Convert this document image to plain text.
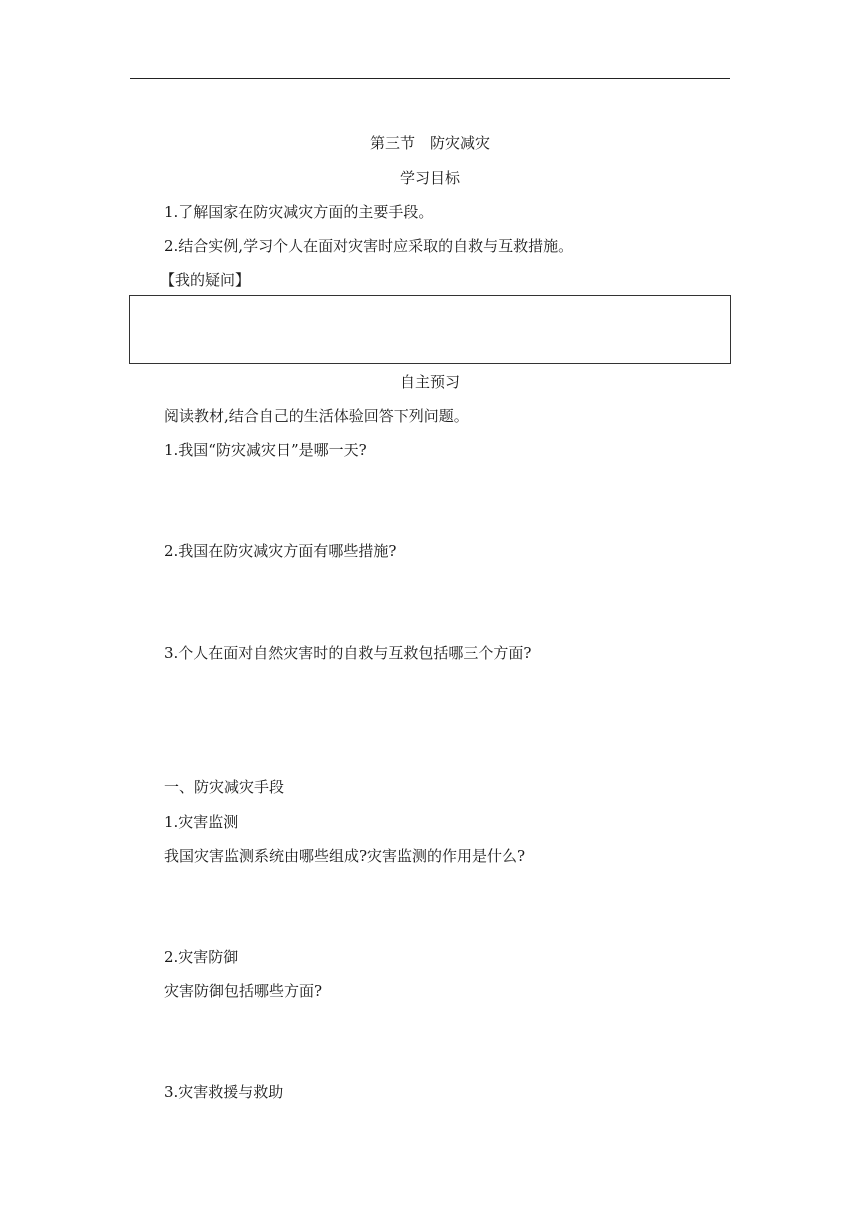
第三节　防灾减灾
学习目标
1.了解国家在防灾减灾方面的主要手段。
2.结合实例,学习个人在面对灾害时应采取的自救与互救措施。
【我的疑问】
自主预习
阅读教材,结合自己的生活体验回答下列问题。
1.我国“防灾减灾日”是哪一天?
2.我国在防灾减灾方面有哪些措施?
3.个人在面对自然灾害时的自救与互救包括哪三个方面?
一、防灾减灾手段
1.灾害监测
我国灾害监测系统由哪些组成?灾害监测的作用是什么?
2.灾害防御
灾害防御包括哪些方面?
3.灾害救援与救助
